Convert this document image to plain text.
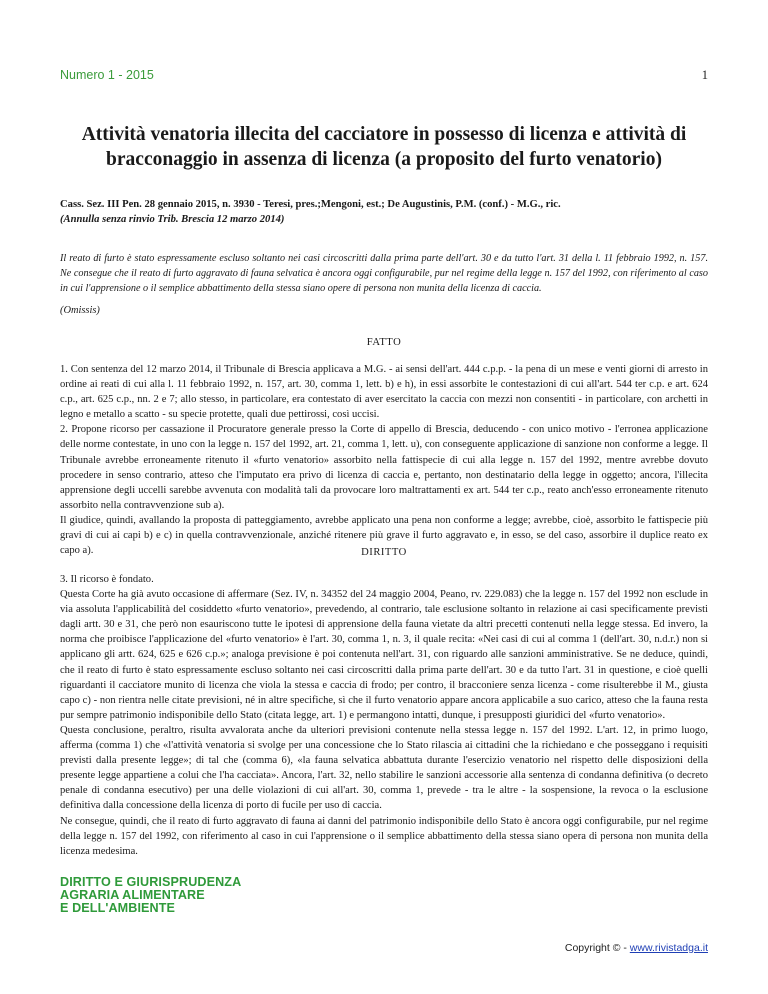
Numero 1 - 2015	1
Attività venatoria illecita del cacciatore in possesso di licenza e attività di bracconaggio in assenza di licenza (a proposito del furto venatorio)
Cass. Sez. III Pen. 28 gennaio 2015, n. 3930 - Teresi, pres.;Mengoni, est.; De Augustinis, P.M. (conf.) - M.G., ric.
(Annulla senza rinvio Trib. Brescia 12 marzo 2014)
Il reato di furto è stato espressamente escluso soltanto nei casi circoscritti dalla prima parte dell'art. 30 e da tutto l'art. 31 della l. 11 febbraio 1992, n. 157. Ne consegue che il reato di furto aggravato di fauna selvatica è ancora oggi configurabile, pur nel regime della legge n. 157 del 1992, con riferimento al caso in cui l'apprensione o il semplice abbattimento della stessa siano opere di persona non munita della licenza di caccia.
(Omissis)
FATTO

1. Con sentenza del 12 marzo 2014, il Tribunale di Brescia applicava a M.G. - ai sensi dell'art. 444 c.p.p. - la pena di un mese e venti giorni di arresto in ordine ai reati di cui alla l. 11 febbraio 1992, n. 157, art. 30, comma 1, lett. b) e h), in essi assorbite le contestazioni di cui all'art. 544 ter c.p. e art. 624 c.p., art. 625 c.p., nn. 2 e 7; allo stesso, in particolare, era contestato di aver esercitato la caccia con mezzi non consentiti - in particolare, con archetti in legno e metallo a scatto - su specie protette, quali due pettirossi, così uccisi.

2. Propone ricorso per cassazione il Procuratore generale presso la Corte di appello di Brescia, deducendo - con unico motivo - l'erronea applicazione delle norme contestate, in uno con la legge n. 157 del 1992, art. 21, comma 1, lett. u), con conseguente applicazione di sanzione non conforme a legge. Il Tribunale avrebbe erroneamente ritenuto il «furto venatorio» assorbito nella fattispecie di cui alla legge n. 157 del 1992, mentre avrebbe dovuto procedere in senso contrario, atteso che l'imputato era privo di licenza di caccia e, pertanto, non destinatario della legge in oggetto; ancora, l'illecita apprensione degli uccelli sarebbe avvenuta con modalità tali da provocare loro maltrattamenti ex art. 544 ter c.p., reato anch'esso erroneamente ritenuto assorbito nella contravvenzione sub a).

Il giudice, quindi, avallando la proposta di patteggiamento, avrebbe applicato una pena non conforme a legge; avrebbe, cioè, assorbito le fattispecie più gravi di cui ai capi b) e c) in quella contravvenzionale, anziché ritenere più grave il furto aggravato e, in esso, se del caso, assorbire il duplice reato ex capo a).	DIRITTO

3. Il ricorso è fondato.

Questa Corte ha già avuto occasione di affermare (Sez. IV, n. 34352 del 24 maggio 2004, Peano, rv. 229.083) che la legge n. 157 del 1992 non esclude in via assoluta l'applicabilità del cosiddetto «furto venatorio», prevedendo, al contrario, tale esclusione soltanto in relazione ai casi specificamente previsti dagli artt. 30 e 31, che però non esauriscono tutte le ipotesi di apprensione della fauna vietate da altri precetti contenuti nella legge stessa. Ed invero, la norma che proibisce l'applicazione del «furto venatorio» è l'art. 30, comma 1, n. 3, il quale recita: «Nei casi di cui al comma 1 (dell'art. 30, n.d.r.) non si applicano gli artt. 624, 625 e 626 c.p.»; analoga previsione è poi contenuta nell'art. 31, con riguardo alle sanzioni amministrative. Se ne deduce, quindi, che il reato di furto è stato espressamente escluso soltanto nei casi circoscritti dalla prima parte dell'art. 30 e da tutto l'art. 31 in questione, e cioè quelli riguardanti il cacciatore munito di licenza che viola la stessa e caccia di frodo; per contro, il bracconiere senza licenza - come risulterebbe il M., giusta capo c) - non rientra nelle citate previsioni, né in altre specifiche, sì che il furto venatorio appare ancora applicabile a suo carico, atteso che la fauna resta pur sempre patrimonio indisponibile dello Stato (citata legge, art. 1) e permangono intatti, dunque, i presupposti giuridici del «furto venatorio».

Questa conclusione, peraltro, risulta avvalorata anche da ulteriori previsioni contenute nella stessa legge n. 157 del 1992. L'art. 12, in primo luogo, afferma (comma 1) che «l'attività venatoria si svolge per una concessione che lo Stato rilascia ai cittadini che la richiedano e che posseggano i requisiti previsti dalla presente legge»; di tal che (comma 6), «la fauna selvatica abbattuta durante l'esercizio venatorio nel rispetto delle disposizioni della presente legge appartiene a colui che l'ha cacciata». Ancora, l'art. 32, nello stabilire le sanzioni accessorie alla sentenza di condanna definitiva (o decreto penale di condanna esecutivo) per una delle violazioni di cui all'art. 30, comma 1, prevede - tra le altre - la sospensione, la revoca o la esclusione definitiva dalla concessione della licenza di porto di fucile per uso di caccia.

Ne consegue, quindi, che il reato di furto aggravato di fauna ai danni del patrimonio indisponibile dello Stato è ancora oggi configurabile, pur nel regime della legge n. 157 del 1992, con riferimento al caso in cui l'apprensione o il semplice abbattimento della stessa siano opera di persona non munita della licenza medesima.

DIRITTO E GIURISPRUDENZA
AGRARIA ALIMENTARE
E DELL'AMBIENTE
Copyright © - www.rivistadga.it
